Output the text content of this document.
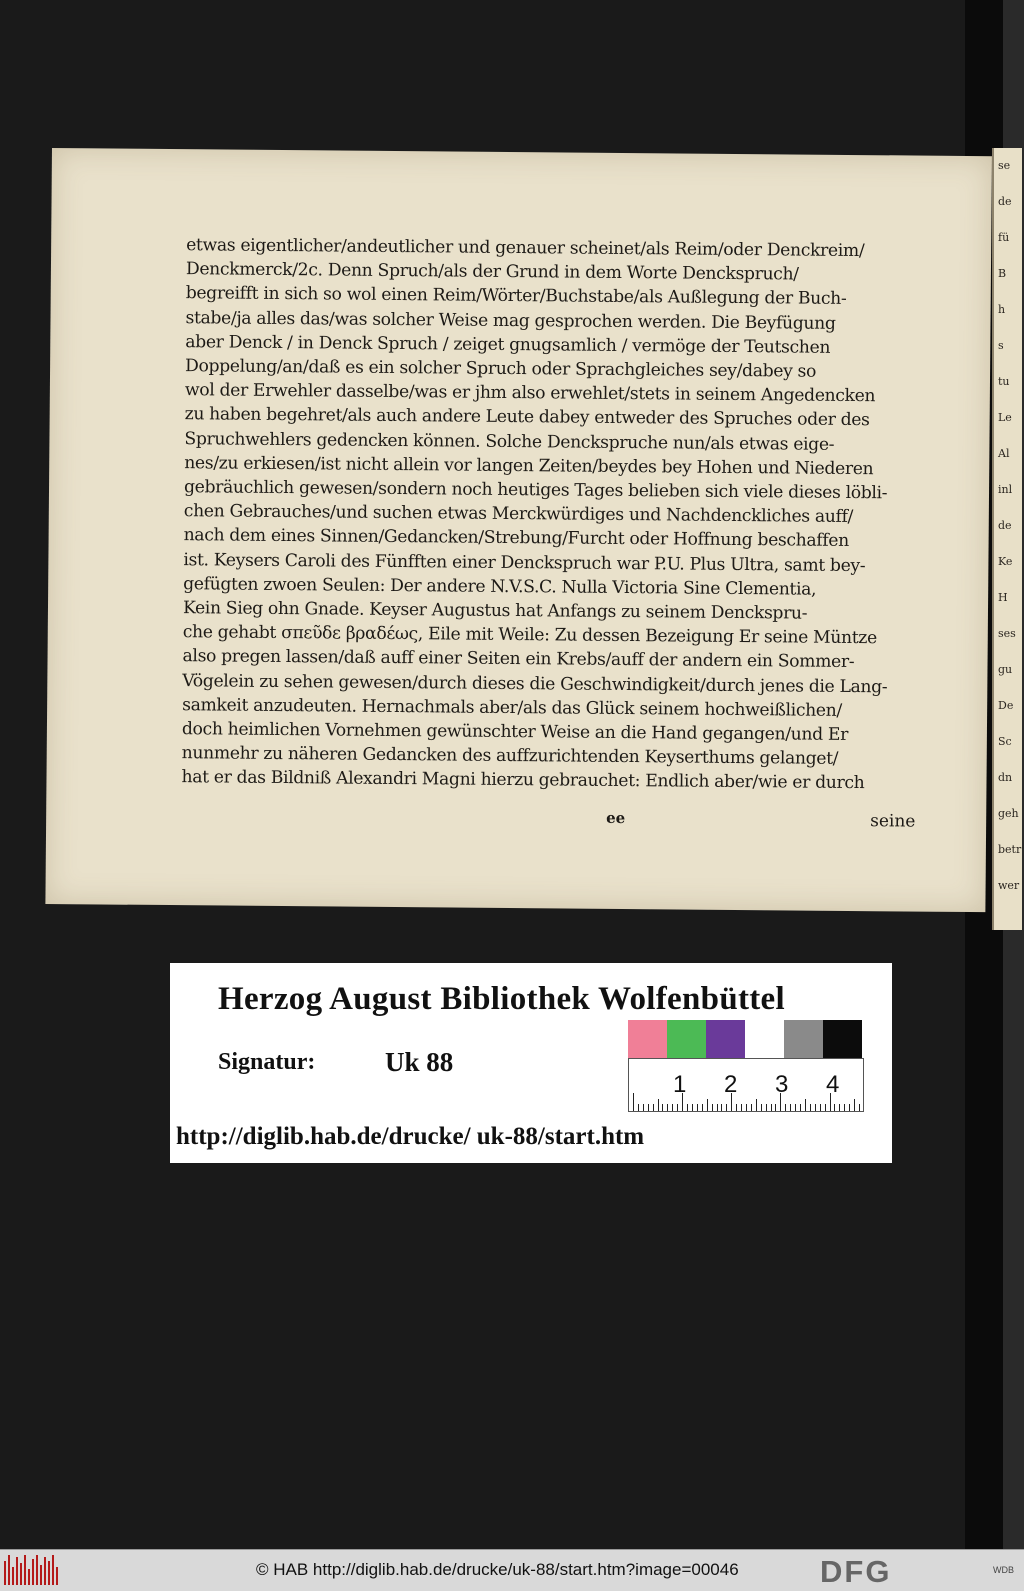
se
de
fü
B
h
s
tu
Le
Al
inl
de
Ke
H
ses
gu
De
Sc
dn
geh
betr
wer
etwas eigentlicher/andeutlicher und genauer scheinet/als Reim/oder Denckreim/
Denckmerck/2c. Denn Spruch/als der Grund in dem Worte Denckspruch/
begreifft in sich so wol einen Reim/Wörter/Buchstabe/als Außlegung der Buch-
stabe/ja alles das/was solcher Weise mag gesprochen werden. Die Beyfügung
aber Denck / in Denck Spruch / zeiget gnugsamlich / vermöge der Teutschen
Doppelung/an/daß es ein solcher Spruch oder Sprachgleiches sey/dabey so
wol der Erwehler dasselbe/was er jhm also erwehlet/stets in seinem Angedencken
zu haben begehret/als auch andere Leute dabey entweder des Spruches oder des
Spruchwehlers gedencken können. Solche Denckspruche nun/als etwas eige-
nes/zu erkiesen/ist nicht allein vor langen Zeiten/beydes bey Hohen und Niederen
gebräuchlich gewesen/sondern noch heutiges Tages belieben sich viele dieses löbli-
chen Gebrauches/und suchen etwas Merckwürdiges und Nachdenckliches auff/
nach dem eines Sinnen/Gedancken/Strebung/Furcht oder Hoffnung beschaffen
ist. Keysers Caroli des Fünfften einer Denckspruch war P.U. Plus Ultra, samt bey-
gefügten zwoen Seulen: Der andere N.V.S.C. Nulla Victoria Sine Clementia,
Kein Sieg ohn Gnade. Keyser Augustus hat Anfangs zu seinem Denckspru-
che gehabt σπεῦδε βραδέως, Eile mit Weile: Zu dessen Bezeigung Er seine Müntze
also pregen lassen/daß auff einer Seiten ein Krebs/auff der andern ein Sommer-
Vögelein zu sehen gewesen/durch dieses die Geschwindigkeit/durch jenes die Lang-
samkeit anzudeuten. Hernachmals aber/als das Glück seinem hochweißlichen/
doch heimlichen Vornehmen gewünschter Weise an die Hand gegangen/und Er
nunmehr zu näheren Gedancken des auffzurichtenden Keyserthums gelanget/
hat er das Bildniß Alexandri Magni hierzu gebrauchet: Endlich aber/wie er durch
ee	seine
Herzog August Bibliothek Wolfenbüttel
Signatur:	Uk 88
1 2 3 4
http://diglib.hab.de/drucke/ uk-88/start.htm
© HAB http://diglib.hab.de/drucke/uk-88/start.htm?image=00046	DFG	WDB
